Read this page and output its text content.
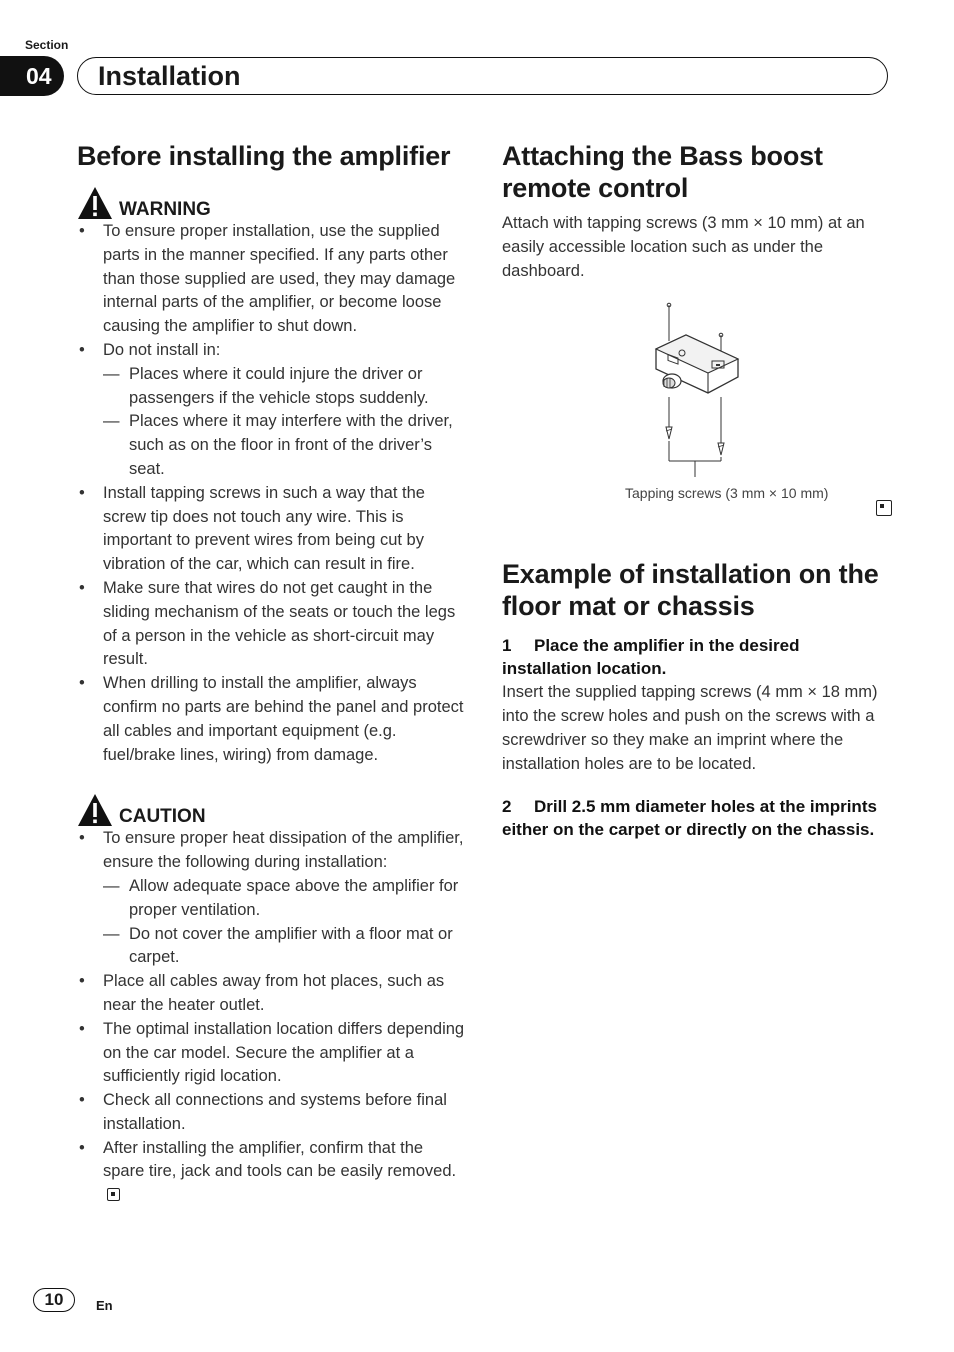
Section
04	Installation
Before installing the amplifier
WARNING
• To ensure proper installation, use the supplied parts in the manner specified. If any parts other than those supplied are used, they may damage internal parts of the amplifier, or become loose causing the amplifier to shut down.
• Do not install in:
— Places where it could injure the driver or passengers if the vehicle stops suddenly.
— Places where it may interfere with the driver, such as on the floor in front of the driver’s seat.
• Install tapping screws in such a way that the screw tip does not touch any wire. This is important to prevent wires from being cut by vibration of the car, which can result in fire.
• Make sure that wires do not get caught in the sliding mechanism of the seats or touch the legs of a person in the vehicle as short-circuit may result.
• When drilling to install the amplifier, always confirm no parts are behind the panel and protect all cables and important equipment (e.g. fuel/brake lines, wiring) from damage.
CAUTION
• To ensure proper heat dissipation of the amplifier, ensure the following during installation:
— Allow adequate space above the amplifier for proper ventilation.
— Do not cover the amplifier with a floor mat or carpet.
• Place all cables away from hot places, such as near the heater outlet.
• The optimal installation location differs depending on the car model. Secure the amplifier at a sufficiently rigid location.
• Check all connections and systems before final installation.
• After installing the amplifier, confirm that the spare tire, jack and tools can be easily removed.
Attaching the Bass boost remote control
Attach with tapping screws (3 mm × 10 mm) at an easily accessible location such as under the dashboard.
Tapping screws (3 mm × 10 mm)
Example of installation on the floor mat or chassis
1 Place the amplifier in the desired installation location.
Insert the supplied tapping screws (4 mm × 18 mm) into the screw holes and push on the screws with a screwdriver so they make an imprint where the installation holes are to be located.
2 Drill 2.5 mm diameter holes at the imprints either on the carpet or directly on the chassis.
10	En
